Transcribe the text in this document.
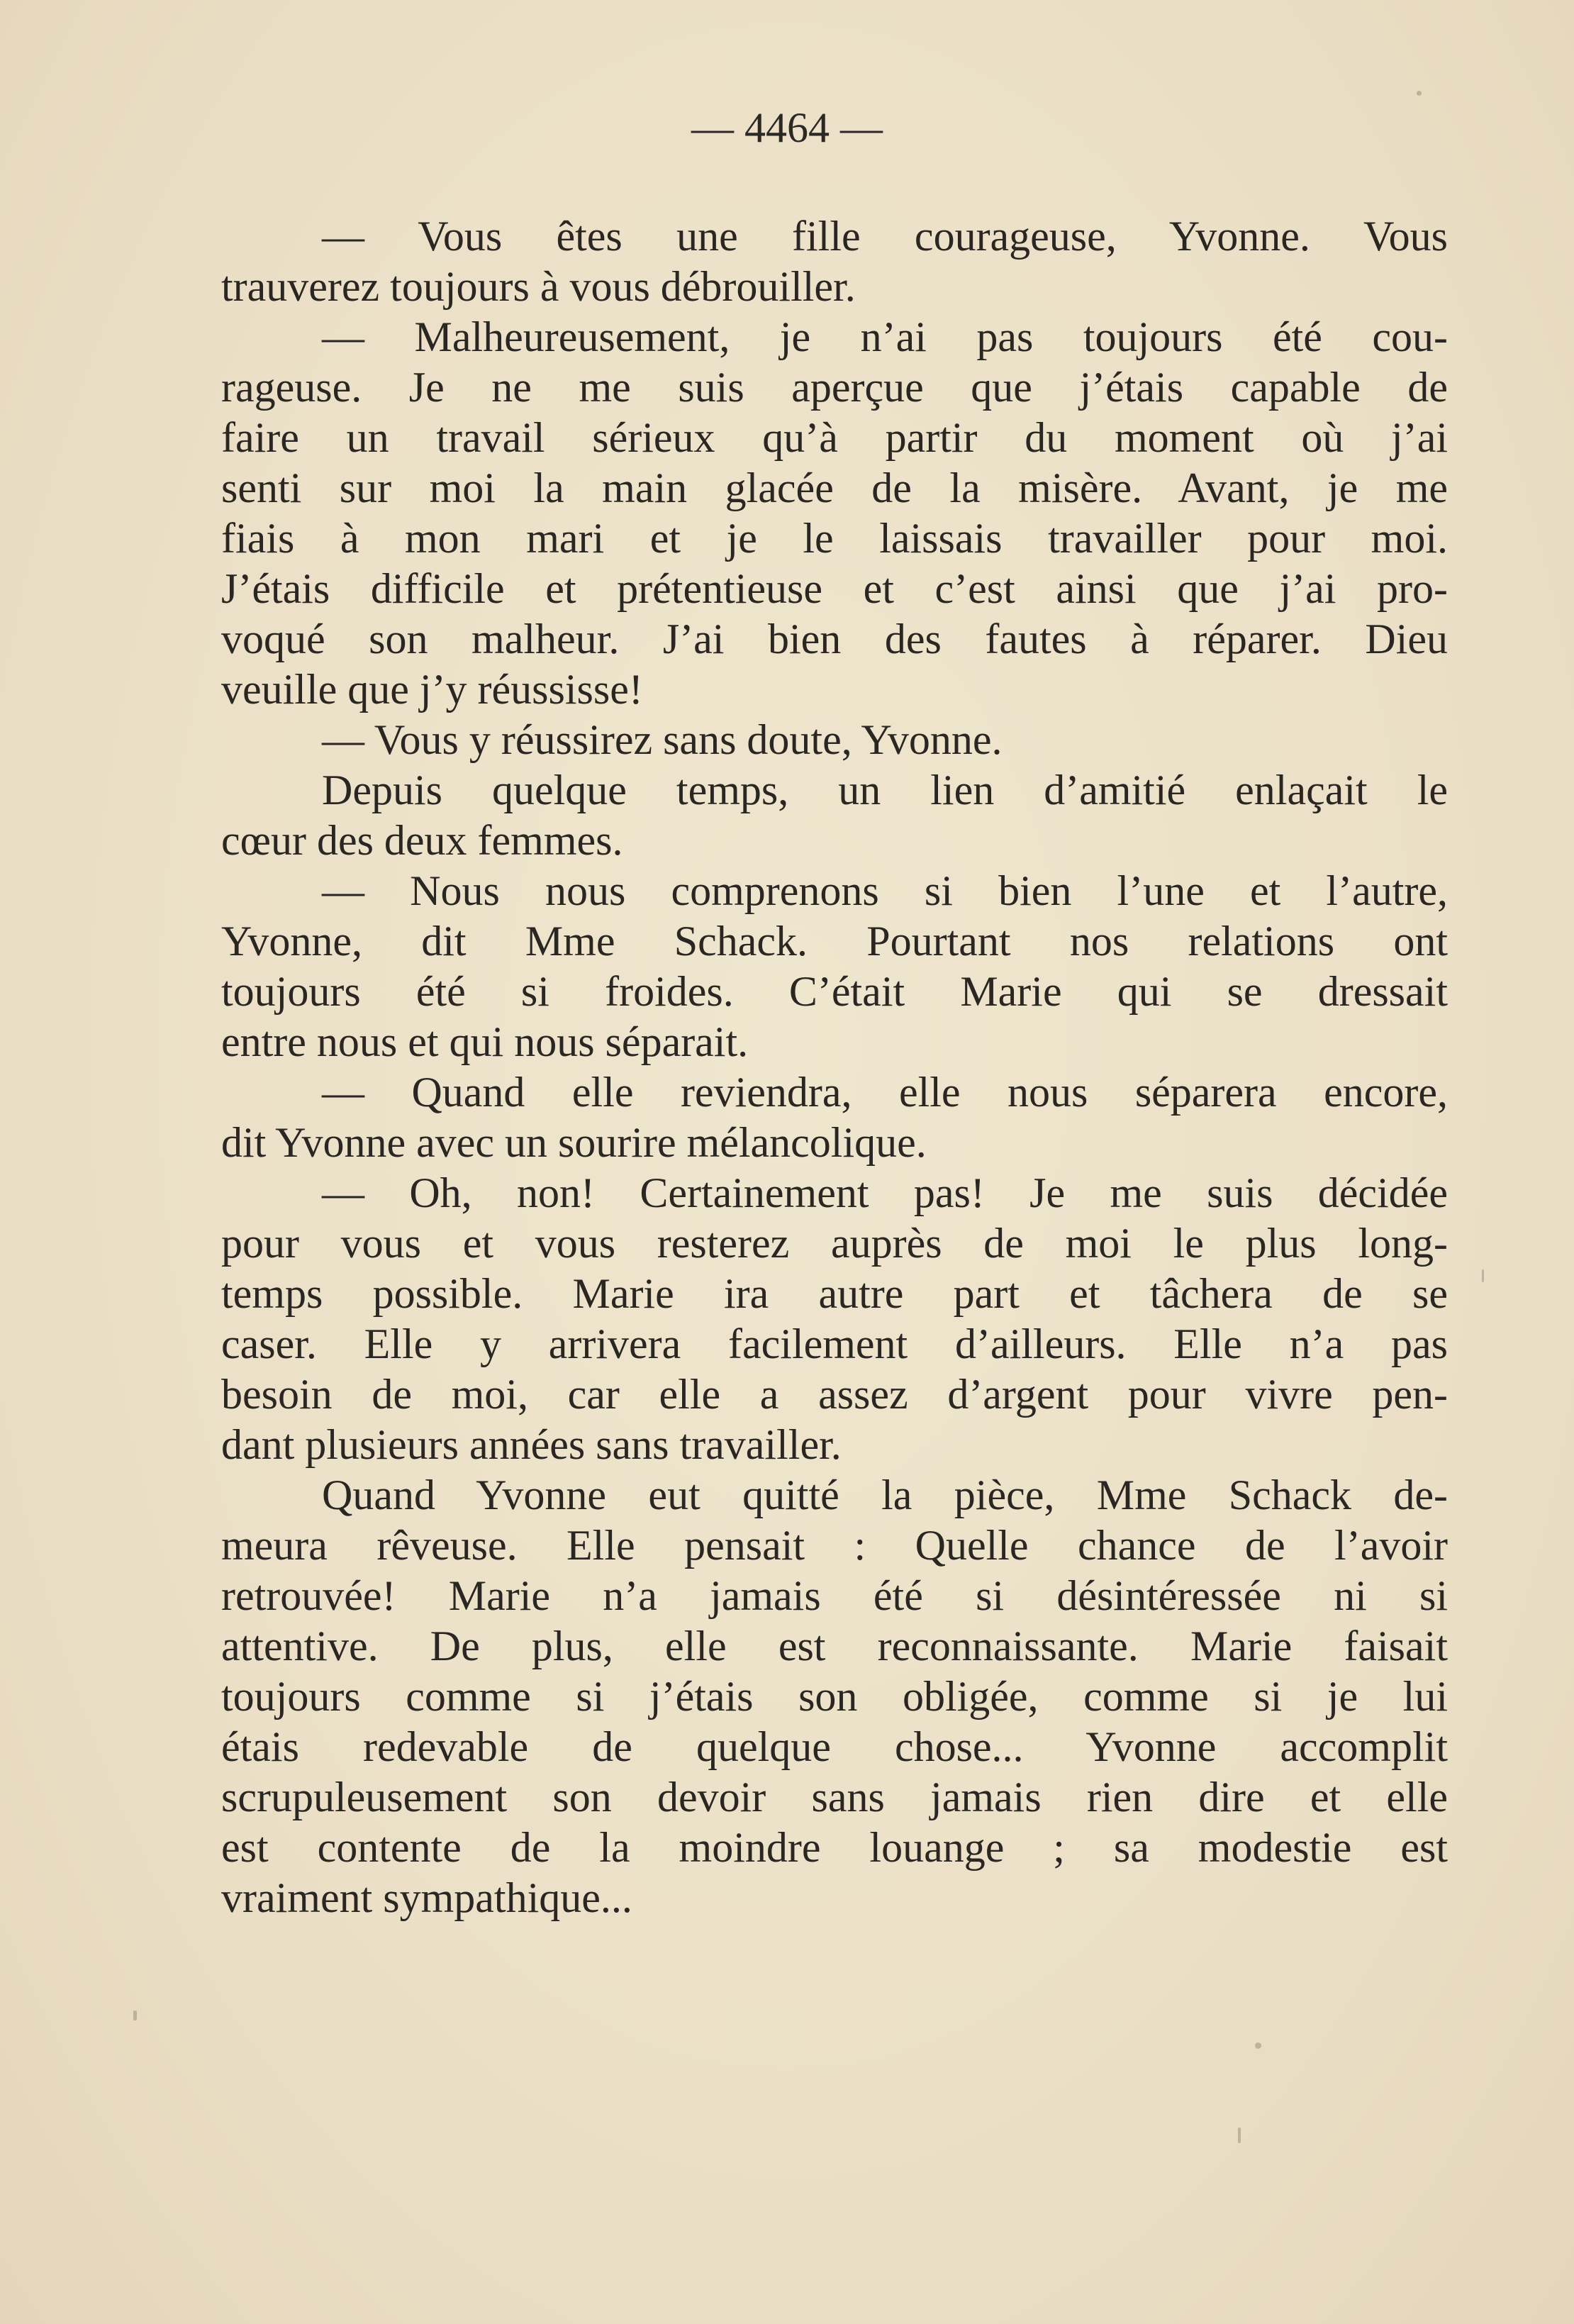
— 4464 —
— Vous êtes une fille courageuse, Yvonne. Vous
trauverez toujours à vous débrouiller.
— Malheureusement, je n’ai pas toujours été cou-
rageuse. Je ne me suis aperçue que j’étais capable de
faire un travail sérieux qu’à partir du moment où j’ai
senti sur moi la main glacée de la misère. Avant, je me
fiais à mon mari et je le laissais travailler pour moi.
J’étais difficile et prétentieuse et c’est ainsi que j’ai pro-
voqué son malheur. J’ai bien des fautes à réparer. Dieu
veuille que j’y réussisse!
— Vous y réussirez sans doute, Yvonne.
Depuis quelque temps, un lien d’amitié enlaçait le
cœur des deux femmes.
— Nous nous comprenons si bien l’une et l’autre,
Yvonne, dit Mme Schack. Pourtant nos relations ont
toujours été si froides. C’était Marie qui se dressait
entre nous et qui nous séparait.
— Quand elle reviendra, elle nous séparera encore,
dit Yvonne avec un sourire mélancolique.
— Oh, non! Certainement pas! Je me suis décidée
pour vous et vous resterez auprès de moi le plus long-
temps possible. Marie ira autre part et tâchera de se
caser. Elle y arrivera facilement d’ailleurs. Elle n’a pas
besoin de moi, car elle a assez d’argent pour vivre pen-
dant plusieurs années sans travailler.
Quand Yvonne eut quitté la pièce, Mme Schack de-
meura rêveuse. Elle pensait : Quelle chance de l’avoir
retrouvée! Marie n’a jamais été si désintéressée ni si
attentive. De plus, elle est reconnaissante. Marie faisait
toujours comme si j’étais son obligée, comme si je lui
étais redevable de quelque chose... Yvonne accomplit
scrupuleusement son devoir sans jamais rien dire et elle
est contente de la moindre louange ; sa modestie est
vraiment sympathique...
